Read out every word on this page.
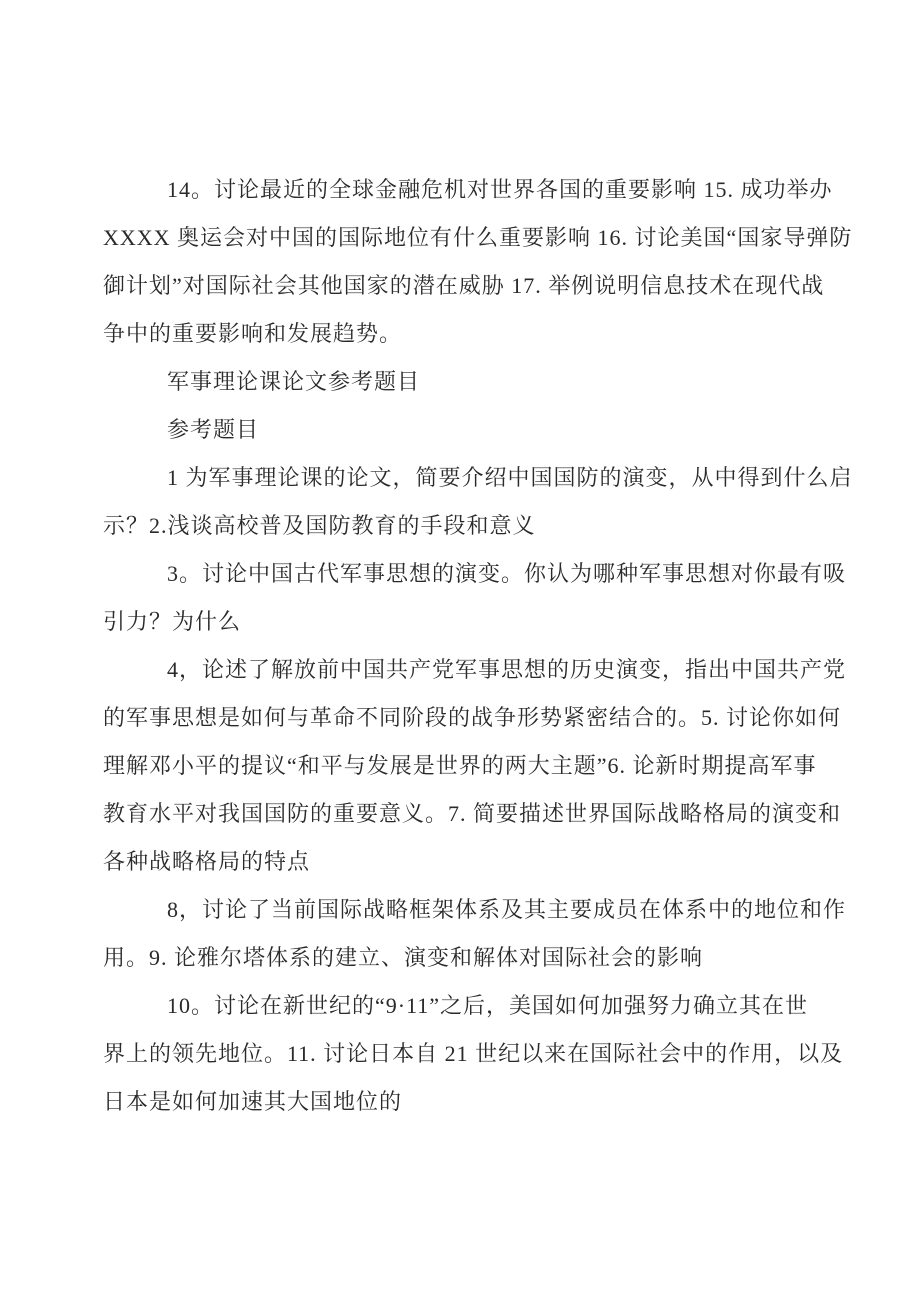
14。讨论最近的全球金融危机对世界各国的重要影响 15. 成功举办
XXXX 奥运会对中国的国际地位有什么重要影响 16. 讨论美国“国家导弹防
御计划”对国际社会其他国家的潜在威胁 17. 举例说明信息技术在现代战
争中的重要影响和发展趋势。
军事理论课论文参考题目
参考题目
1 为军事理论课的论文，简要介绍中国国防的演变，从中得到什么启
示？2.浅谈高校普及国防教育的手段和意义
3。讨论中国古代军事思想的演变。你认为哪种军事思想对你最有吸
引力？为什么
4，论述了解放前中国共产党军事思想的历史演变，指出中国共产党
的军事思想是如何与革命不同阶段的战争形势紧密结合的。5. 讨论你如何
理解邓小平的提议“和平与发展是世界的两大主题”6. 论新时期提高军事
教育水平对我国国防的重要意义。7. 简要描述世界国际战略格局的演变和
各种战略格局的特点
8，讨论了当前国际战略框架体系及其主要成员在体系中的地位和作
用。9. 论雅尔塔体系的建立、演变和解体对国际社会的影响
10。讨论在新世纪的“9·11”之后，美国如何加强努力确立其在世
界上的领先地位。11. 讨论日本自 21 世纪以来在国际社会中的作用，以及
日本是如何加速其大国地位的
